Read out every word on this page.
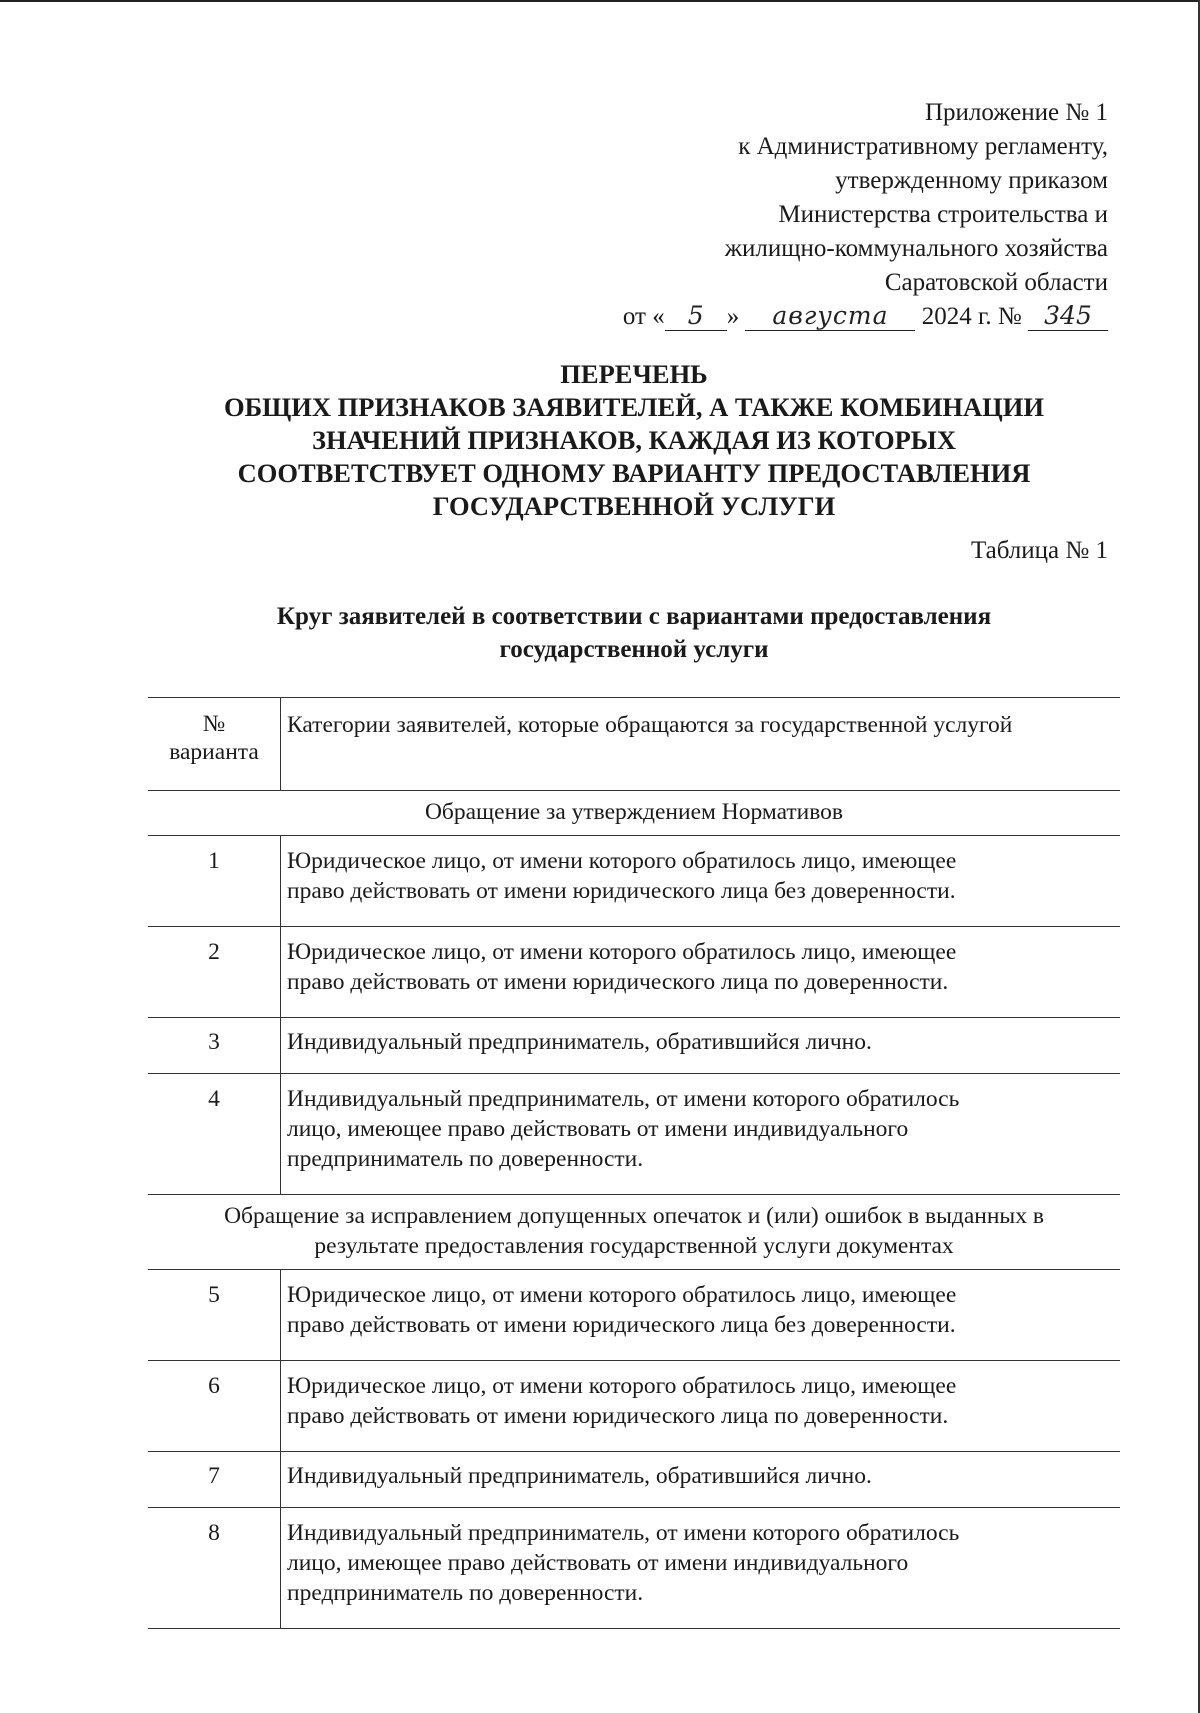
Приложение № 1
к Административному регламенту,
утвержденному приказом
Министерства строительства и
жилищно-коммунального хозяйства
Саратовской области
от « 5 » августа 2024 г. № 345
ПЕРЕЧЕНЬ
ОБЩИХ ПРИЗНАКОВ ЗАЯВИТЕЛЕЙ, А ТАКЖЕ КОМБИНАЦИИ
ЗНАЧЕНИЙ ПРИЗНАКОВ, КАЖДАЯ ИЗ КОТОРЫХ
СООТВЕТСТВУЕТ ОДНОМУ ВАРИАНТУ ПРЕДОСТАВЛЕНИЯ
ГОСУДАРСТВЕННОЙ УСЛУГИ
Таблица № 1
Круг заявителей в соответствии с вариантами предоставления
государственной услуги
№
варианта	Категории заявителей, которые обращаются за государственной услугой

Обращение за утверждением Нормативов	

1	Юридическое лицо, от имени которого обратилось лицо, имеющее
право действовать от имени юридического лица без доверенности.

2	Юридическое лицо, от имени которого обратилось лицо, имеющее
право действовать от имени юридического лица по доверенности.

3	Индивидуальный предприниматель, обратившийся лично.

4	Индивидуальный предприниматель, от имени которого обратилось
лицо, имеющее право действовать от имени индивидуального
предприниматель по доверенности.

Обращение за исправлением допущенных опечаток и (или) ошибок в выданных в
результате предоставления государственной услуги документах	

5	Юридическое лицо, от имени которого обратилось лицо, имеющее
право действовать от имени юридического лица без доверенности.

6	Юридическое лицо, от имени которого обратилось лицо, имеющее
право действовать от имени юридического лица по доверенности.

7	Индивидуальный предприниматель, обратившийся лично.

8	Индивидуальный предприниматель, от имени которого обратилось
лицо, имеющее право действовать от имени индивидуального
предприниматель по доверенности.
